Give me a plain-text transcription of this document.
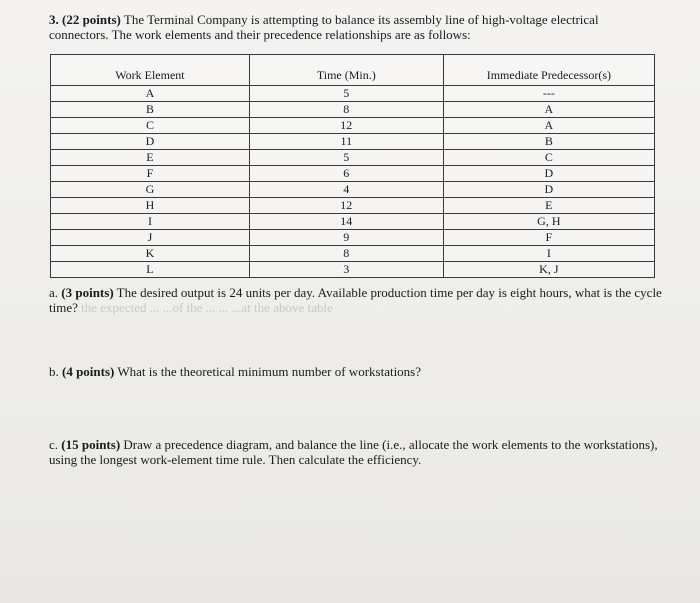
3. (22 points) The Terminal Company is attempting to balance its assembly line of high-voltage electrical connectors. The work elements and their precedence relationships are as follows:
Work Element	Time (Min.)	Immediate Predecessor(s)
A	5	---
B	8	A
C	12	A
D	11	B
E	5	C
F	6	D
G	4	D
H	12	E
I	14	G, H
J	9	F
K	8	I
L	3	K, J
a. (3 points) The desired output is 24 units per day. Available production time per day is eight hours, what is the cycle time? the expected ... ...of the ... ... ...at the above table
b. (4 points) What is the theoretical minimum number of workstations?
c. (15 points) Draw a precedence diagram, and balance the line (i.e., allocate the work elements to the workstations), using the longest work-element time rule. Then calculate the efficiency.
